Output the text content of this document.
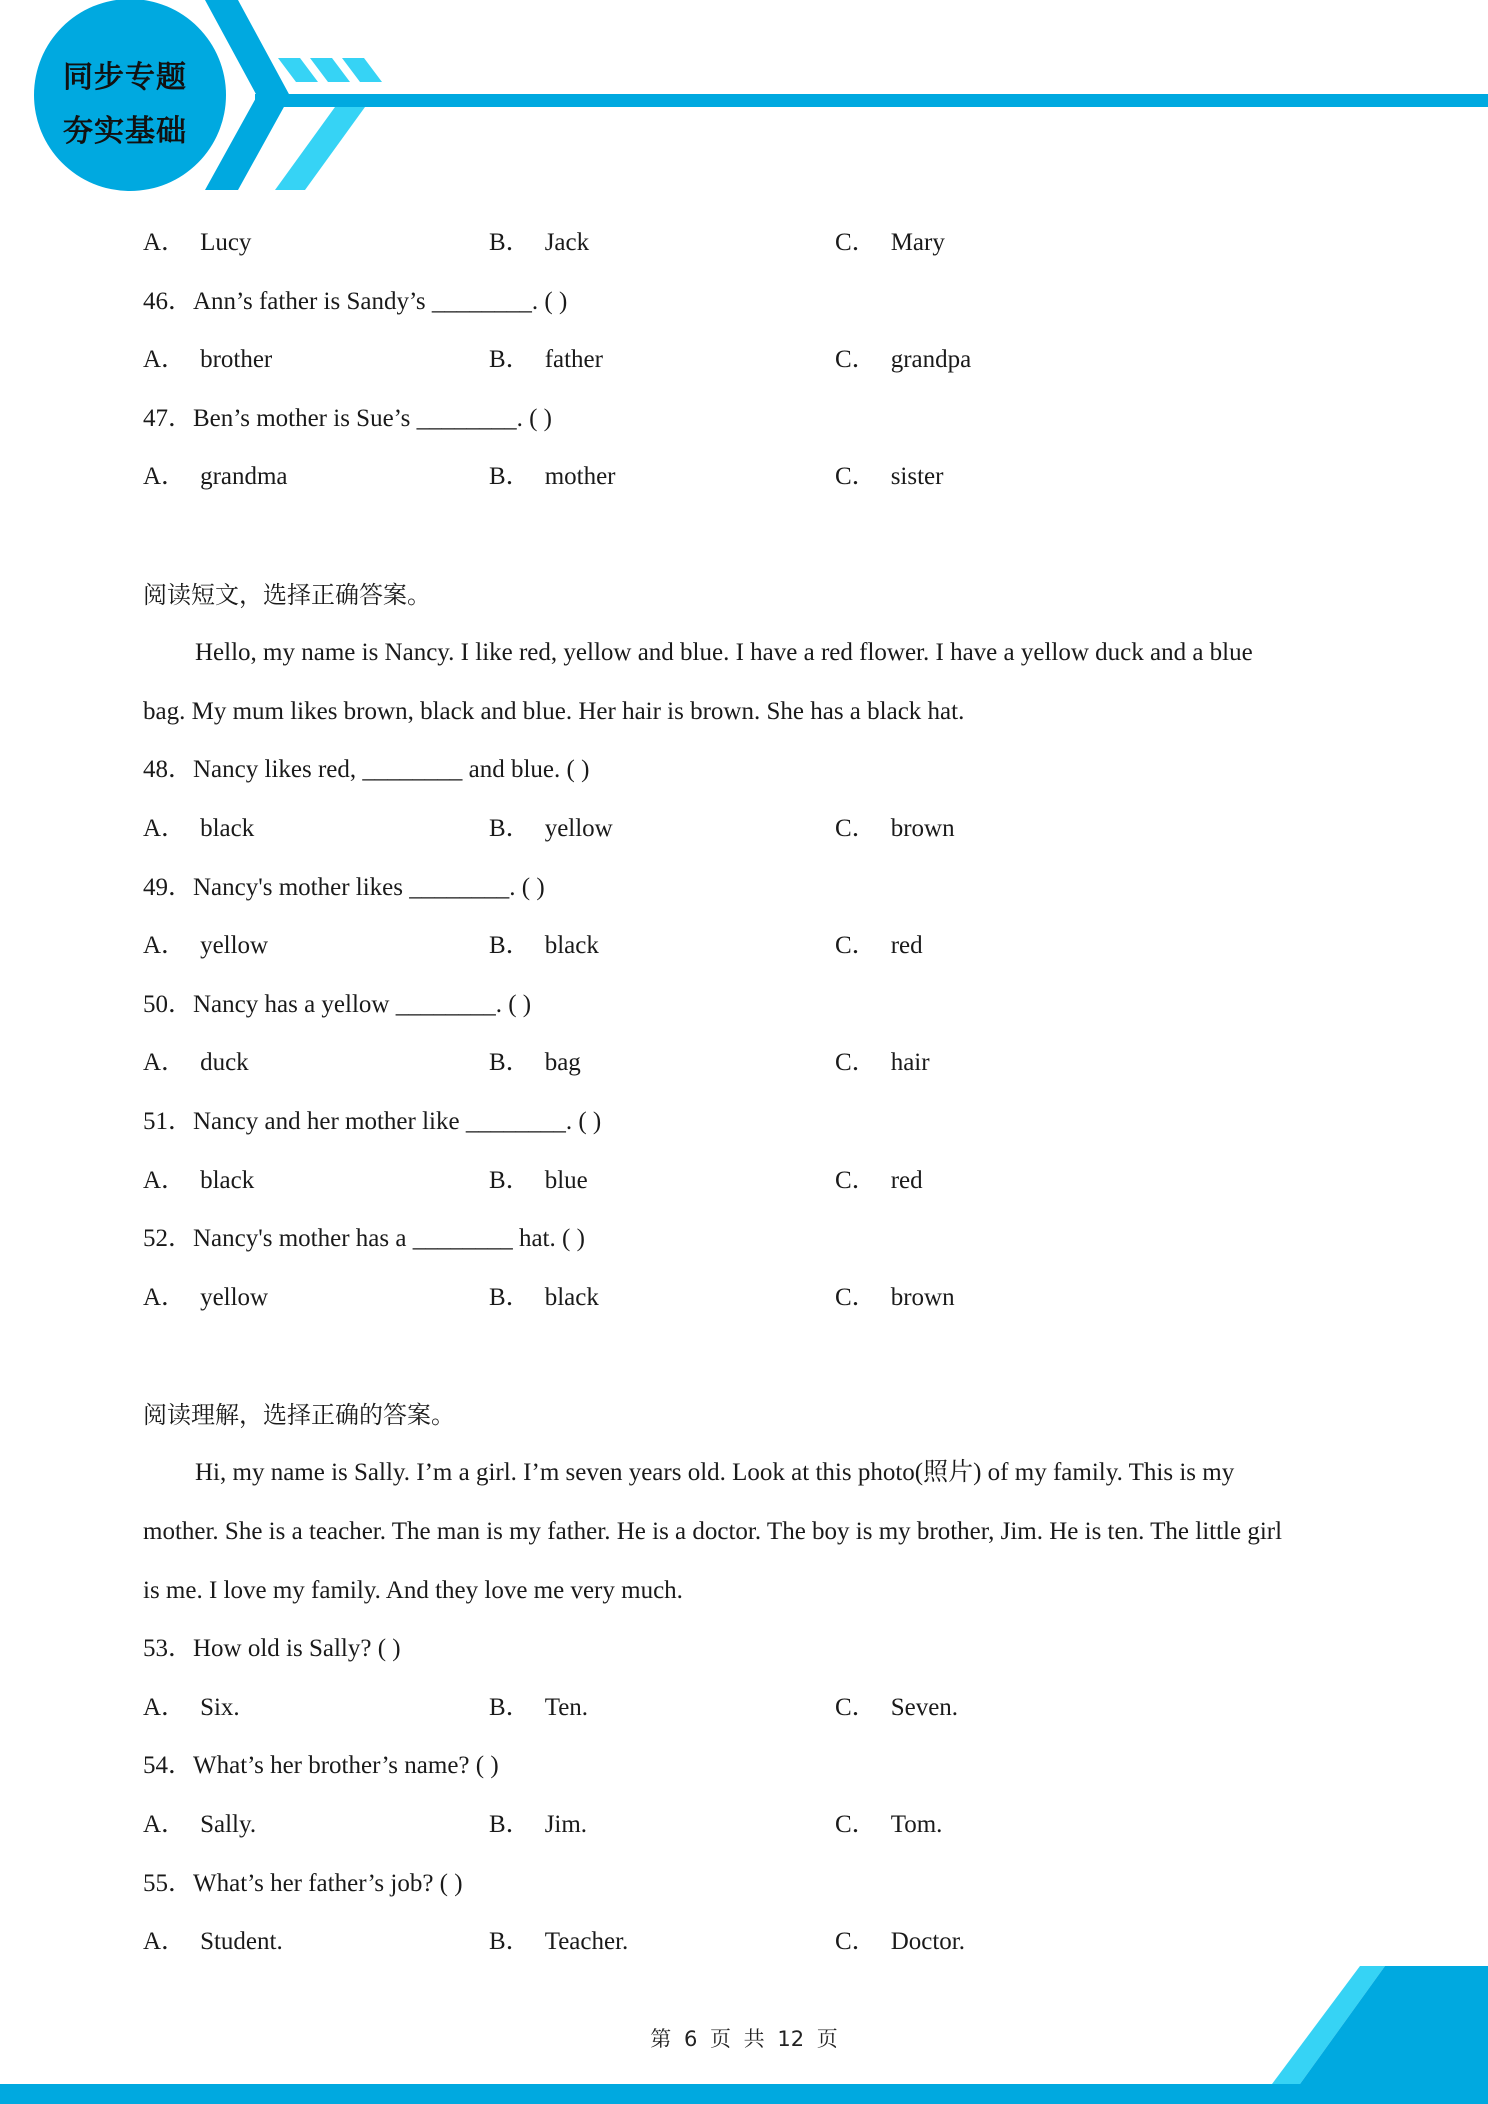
同步专题
夯实基础
A． Lucy	B． Jack	C． Mary
46．Ann’s father is Sandy’s ________. ( )
A． brother	B． father	C． grandpa
47．Ben’s mother is Sue’s ________. ( )
A． grandma	B． mother	C． sister
阅读短文，选择正确答案。
Hello, my name is Nancy. I like red, yellow and blue. I have a red flower. I have a yellow duck and a blue
bag. My mum likes brown, black and blue. Her hair is brown. She has a black hat.
48．Nancy likes red, ________ and blue. ( )
A． black	B． yellow	C． brown
49．Nancy's mother likes ________. ( )
A． yellow	B． black	C． red
50．Nancy has a yellow ________. ( )
A． duck	B． bag	C． hair
51．Nancy and her mother like ________. ( )
A． black	B． blue	C． red
52．Nancy's mother has a ________ hat. ( )
A． yellow	B． black	C． brown
阅读理解，选择正确的答案。
Hi, my name is Sally. I’m a girl. I’m seven years old. Look at this photo(照片) of my family. This is my
mother. She is a teacher. The man is my father. He is a doctor. The boy is my brother, Jim. He is ten. The little girl
is me. I love my family. And they love me very much.
53．How old is Sally? ( )
A． Six.	B． Ten.	C． Seven.
54．What’s her brother’s name? ( )
A． Sally.	B． Jim.	C． Tom.
55．What’s her father’s job? ( )
A． Student.	B． Teacher.	C． Doctor.
第 6 页 共 12 页
